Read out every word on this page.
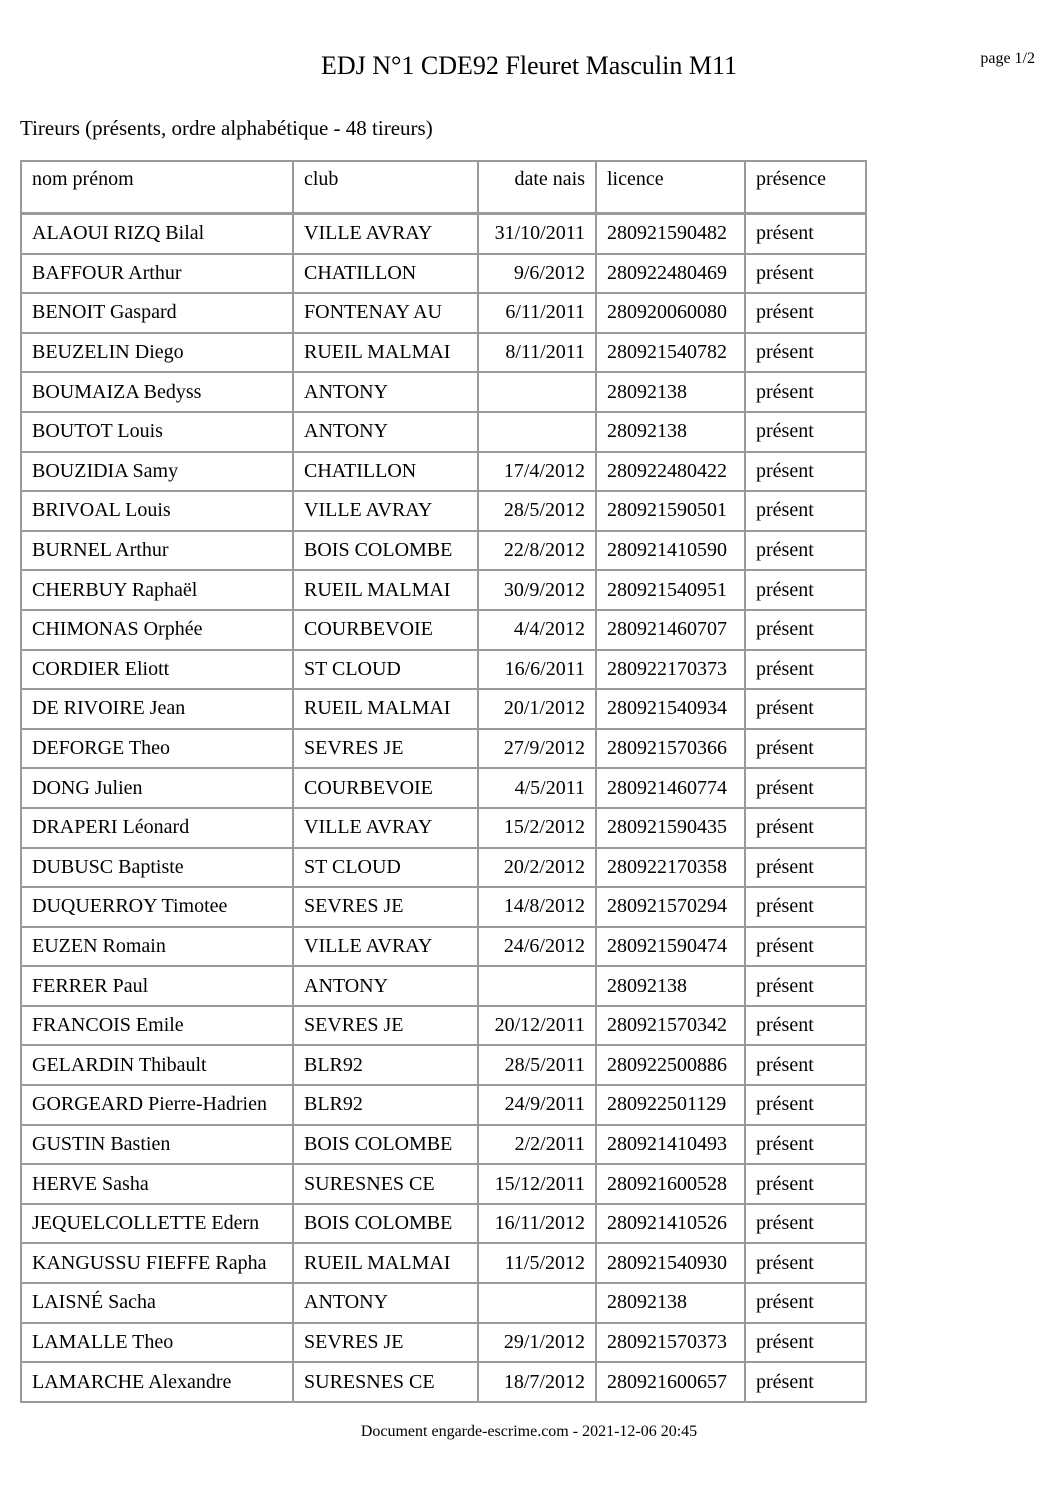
EDJ N°1 CDE92 Fleuret Masculin M11	page 1/2
Tireurs (présents, ordre alphabétique - 48 tireurs)
nom prénom	club	date nais	licence	présence
ALAOUI RIZQ Bilal	VILLE AVRAY	31/10/2011	280921590482	présent
BAFFOUR Arthur	CHATILLON	9/6/2012	280922480469	présent
BENOIT Gaspard	FONTENAY AU	6/11/2011	280920060080	présent
BEUZELIN Diego	RUEIL MALMAI	8/11/2011	280921540782	présent
BOUMAIZA Bedyss	ANTONY		28092138	présent
BOUTOT Louis	ANTONY		28092138	présent
BOUZIDIA Samy	CHATILLON	17/4/2012	280922480422	présent
BRIVOAL Louis	VILLE AVRAY	28/5/2012	280921590501	présent
BURNEL Arthur	BOIS COLOMBE	22/8/2012	280921410590	présent
CHERBUY Raphaël	RUEIL MALMAI	30/9/2012	280921540951	présent
CHIMONAS Orphée	COURBEVOIE	4/4/2012	280921460707	présent
CORDIER Eliott	ST CLOUD	16/6/2011	280922170373	présent
DE RIVOIRE Jean	RUEIL MALMAI	20/1/2012	280921540934	présent
DEFORGE Theo	SEVRES JE	27/9/2012	280921570366	présent
DONG Julien	COURBEVOIE	4/5/2011	280921460774	présent
DRAPERI Léonard	VILLE AVRAY	15/2/2012	280921590435	présent
DUBUSC Baptiste	ST CLOUD	20/2/2012	280922170358	présent
DUQUERROY Timotee	SEVRES JE	14/8/2012	280921570294	présent
EUZEN Romain	VILLE AVRAY	24/6/2012	280921590474	présent
FERRER Paul	ANTONY		28092138	présent
FRANCOIS Emile	SEVRES JE	20/12/2011	280921570342	présent
GELARDIN Thibault	BLR92	28/5/2011	280922500886	présent
GORGEARD Pierre-Hadrien	BLR92	24/9/2011	280922501129	présent
GUSTIN Bastien	BOIS COLOMBE	2/2/2011	280921410493	présent
HERVE Sasha	SURESNES CE	15/12/2011	280921600528	présent
JEQUELCOLLETTE Edern	BOIS COLOMBE	16/11/2012	280921410526	présent
KANGUSSU FIEFFE Rapha	RUEIL MALMAI	11/5/2012	280921540930	présent
LAISNÉ Sacha	ANTONY		28092138	présent
LAMALLE Theo	SEVRES JE	29/1/2012	280921570373	présent
LAMARCHE Alexandre	SURESNES CE	18/7/2012	280921600657	présent
Document engarde-escrime.com - 2021-12-06 20:45
